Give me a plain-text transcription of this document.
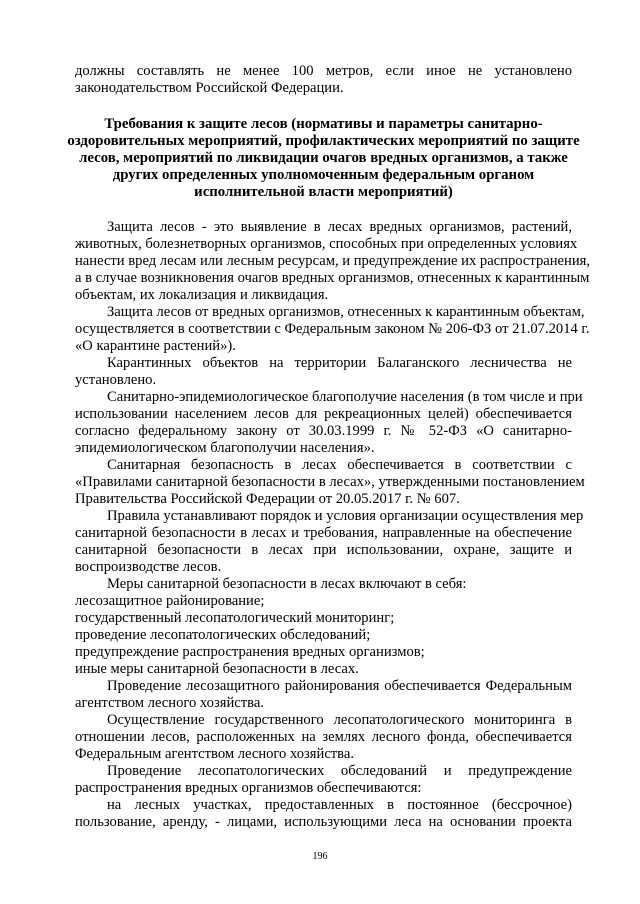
должны составлять не менее 100 метров, если иное не установлено
законодательством Российской Федерации.
Требования к защите лесов (нормативы и параметры санитарно-
оздоровительных мероприятий, профилактических мероприятий по защите
лесов, мероприятий по ликвидации очагов вредных организмов, а также
других определенных уполномоченным федеральным органом
исполнительной власти мероприятий)
Защита лесов - это выявление в лесах вредных организмов, растений,
животных, болезнетворных организмов, способных при определенных условиях
нанести вред лесам или лесным ресурсам, и предупреждение их распространения,
а в случае возникновения очагов вредных организмов, отнесенных к карантинным
объектам, их локализация и ликвидация.
Защита лесов от вредных организмов, отнесенных к карантинным объектам,
осуществляется в соответствии с Федеральным законом № 206-ФЗ от 21.07.2014 г.
«О карантине растений»).
Карантинных объектов на территории Балаганского лесничества не
установлено.
Санитарно-эпидемиологическое благополучие населения (в том числе и при
использовании населением лесов для рекреационных целей) обеспечивается
согласно федеральному закону от 30.03.1999 г. № 52-ФЗ «О санитарно-
эпидемиологическом благополучии населения».
Санитарная безопасность в лесах обеспечивается в соответствии с
«Правилами санитарной безопасности в лесах», утвержденными постановлением
Правительства Российской Федерации от 20.05.2017 г. № 607.
Правила устанавливают порядок и условия организации осуществления мер
санитарной безопасности в лесах и требования, направленные на обеспечение
санитарной безопасности в лесах при использовании, охране, защите и
воспроизводстве лесов.
Меры санитарной безопасности в лесах включают в себя:
лесозащитное районирование;
государственный лесопатологический мониторинг;
проведение лесопатологических обследований;
предупреждение распространения вредных организмов;
иные меры санитарной безопасности в лесах.
Проведение лесозащитного районирования обеспечивается Федеральным
агентством лесного хозяйства.
Осуществление государственного лесопатологического мониторинга в
отношении лесов, расположенных на землях лесного фонда, обеспечивается
Федеральным агентством лесного хозяйства.
Проведение лесопатологических обследований и предупреждение
распространения вредных организмов обеспечиваются:
на лесных участках, предоставленных в постоянное (бессрочное)
пользование, аренду, - лицами, использующими леса на основании проекта
196
